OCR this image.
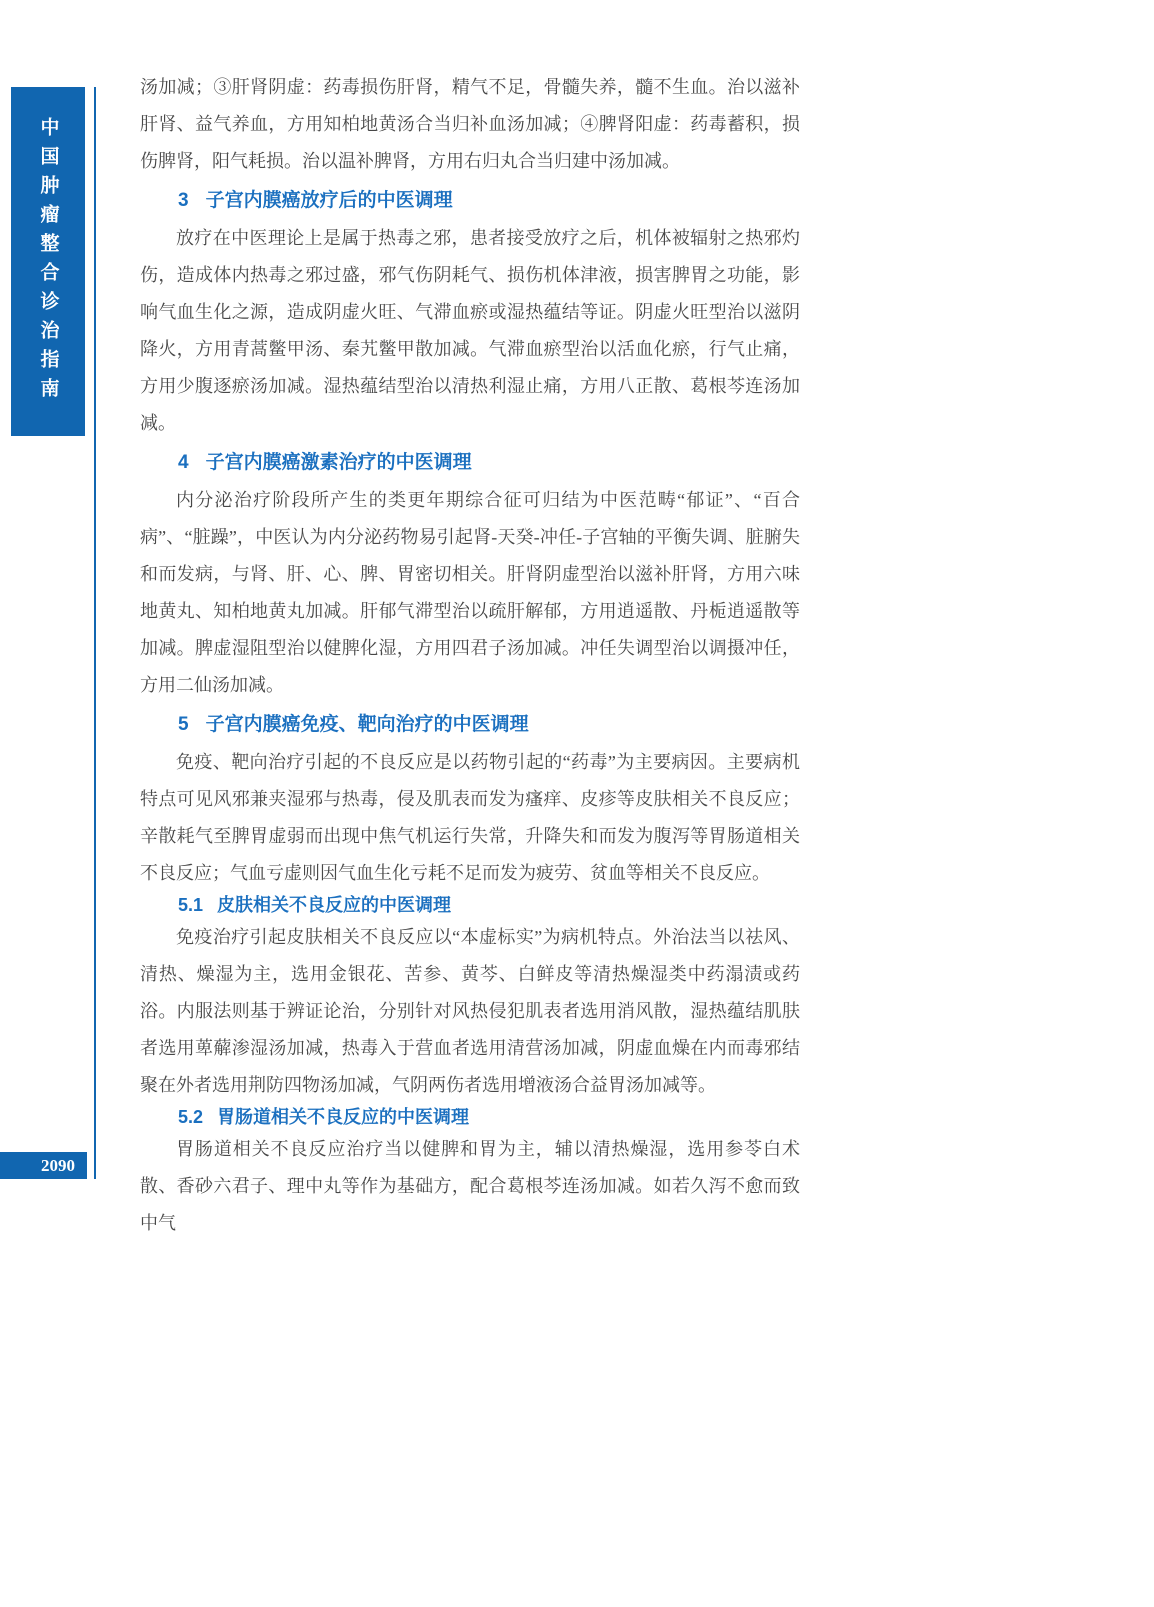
中国肿瘤整合诊治指南
2090

汤加减；③肝肾阴虚：药毒损伤肝肾，精气不足，骨髓失养，髓不生血。治以滋补肝肾、益气养血，方用知柏地黄汤合当归补血汤加减；④脾肾阳虚：药毒蓄积，损伤脾肾，阳气耗损。治以温补脾肾，方用右归丸合当归建中汤加减。

3 子宫内膜癌放疗后的中医调理

放疗在中医理论上是属于热毒之邪，患者接受放疗之后，机体被辐射之热邪灼伤，造成体内热毒之邪过盛，邪气伤阴耗气、损伤机体津液，损害脾胃之功能，影响气血生化之源，造成阴虚火旺、气滞血瘀或湿热蕴结等证。阴虚火旺型治以滋阴降火，方用青蒿鳖甲汤、秦艽鳖甲散加减。气滞血瘀型治以活血化瘀，行气止痛，方用少腹逐瘀汤加减。湿热蕴结型治以清热利湿止痛，方用八正散、葛根芩连汤加减。

4 子宫内膜癌激素治疗的中医调理

内分泌治疗阶段所产生的类更年期综合征可归结为中医范畴“郁证”、“百合病”、“脏躁”，中医认为内分泌药物易引起肾-天癸-冲任-子宫轴的平衡失调、脏腑失和而发病，与肾、肝、心、脾、胃密切相关。肝肾阴虚型治以滋补肝肾，方用六味地黄丸、知柏地黄丸加减。肝郁气滞型治以疏肝解郁，方用逍遥散、丹栀逍遥散等加减。脾虚湿阻型治以健脾化湿，方用四君子汤加减。冲任失调型治以调摄冲任，方用二仙汤加减。

5 子宫内膜癌免疫、靶向治疗的中医调理

免疫、靶向治疗引起的不良反应是以药物引起的“药毒”为主要病因。主要病机特点可见风邪兼夹湿邪与热毒，侵及肌表而发为瘙痒、皮疹等皮肤相关不良反应；辛散耗气至脾胃虚弱而出现中焦气机运行失常，升降失和而发为腹泻等胃肠道相关不良反应；气血亏虚则因气血生化亏耗不足而发为疲劳、贫血等相关不良反应。

5.1 皮肤相关不良反应的中医调理

免疫治疗引起皮肤相关不良反应以“本虚标实”为病机特点。外治法当以祛风、清热、燥湿为主，选用金银花、苦参、黄芩、白鲜皮等清热燥湿类中药溻渍或药浴。内服法则基于辨证论治，分别针对风热侵犯肌表者选用消风散，湿热蕴结肌肤者选用萆薢渗湿汤加减，热毒入于营血者选用清营汤加减，阴虚血燥在内而毒邪结聚在外者选用荆防四物汤加减，气阴两伤者选用增液汤合益胃汤加减等。

5.2 胃肠道相关不良反应的中医调理

胃肠道相关不良反应治疗当以健脾和胃为主，辅以清热燥湿，选用参苓白术散、香砂六君子、理中丸等作为基础方，配合葛根芩连汤加减。如若久泻不愈而致中气
